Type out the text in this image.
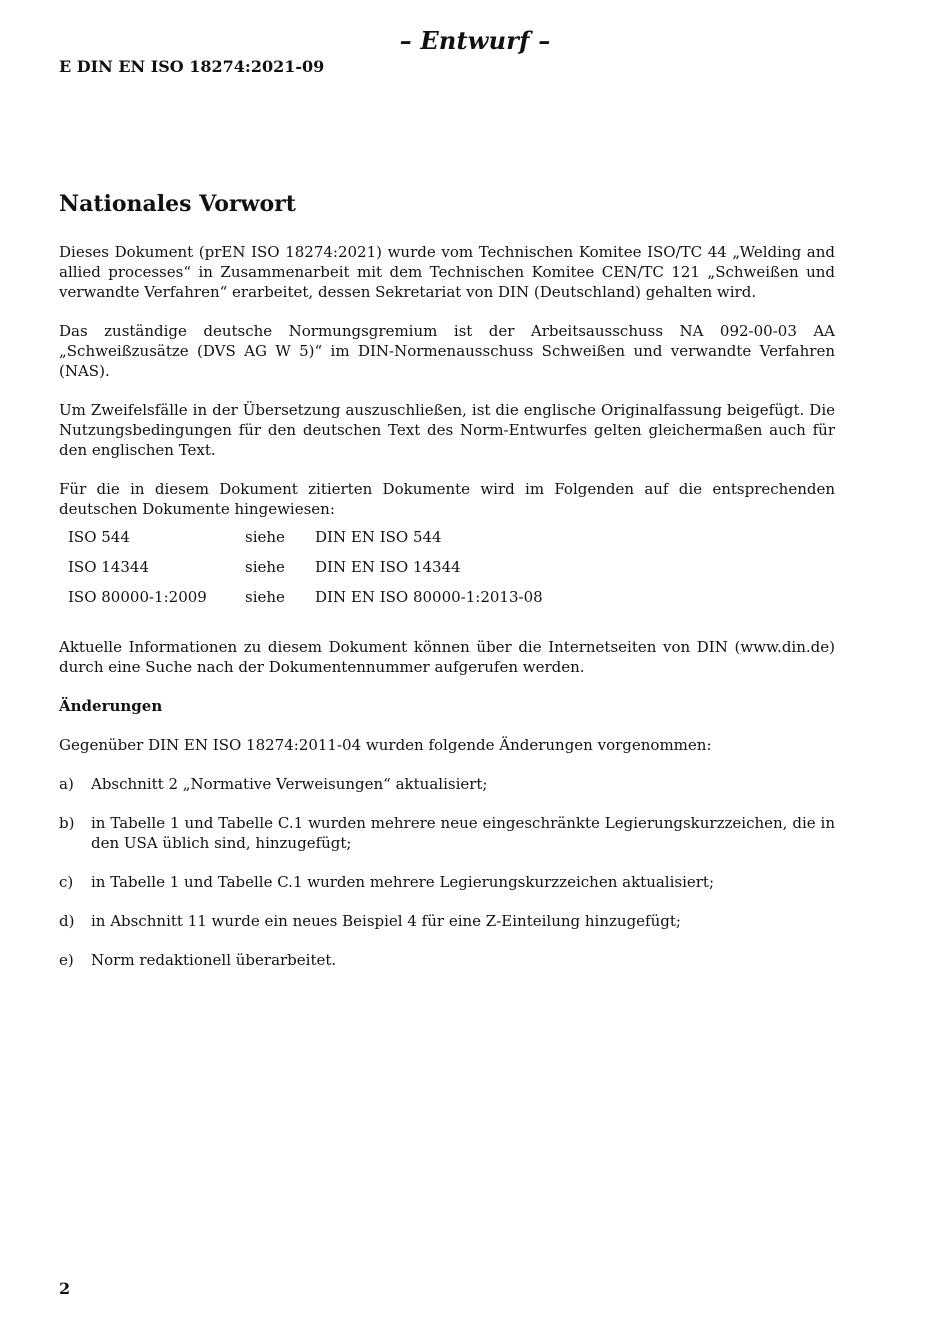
– Entwurf –
E DIN EN ISO 18274:2021-09
Nationales Vorwort

Dieses Dokument (prEN ISO 18274:2021) wurde vom Technischen Komitee ISO/TC 44 „Welding and allied processes“ in Zusammenarbeit mit dem Technischen Komitee CEN/TC 121 „Schweißen und verwandte Verfahren“ erarbeitet, dessen Sekretariat von DIN (Deutschland) gehalten wird.

Das zuständige deutsche Normungsgremium ist der Arbeitsausschuss NA 092-00-03 AA „Schweißzusätze (DVS AG W 5)“ im DIN-Normenausschuss Schweißen und verwandte Verfahren (NAS).

Um Zweifelsfälle in der Übersetzung auszuschließen, ist die englische Originalfassung beigefügt. Die Nutzungsbedingungen für den deutschen Text des Norm-Entwurfes gelten gleichermaßen auch für den englischen Text.

Für die in diesem Dokument zitierten Dokumente wird im Folgenden auf die entsprechenden deutschen Dokumente hingewiesen:

ISO 544	siehe	DIN EN ISO 544
ISO 14344	siehe	DIN EN ISO 14344
ISO 80000-1:2009	siehe	DIN EN ISO 80000-1:2013-08

Aktuelle Informationen zu diesem Dokument können über die Internetseiten von DIN (www.din.de) durch eine Suche nach der Dokumentennummer aufgerufen werden.

Änderungen

Gegenüber DIN EN ISO 18274:2011-04 wurden folgende Änderungen vorgenommen:

a)	Abschnitt 2 „Normative Verweisungen“ aktualisiert;
b)	in Tabelle 1 und Tabelle C.1 wurden mehrere neue eingeschränkte Legierungskurzzeichen, die in den USA üblich sind, hinzugefügt;
c)	in Tabelle 1 und Tabelle C.1 wurden mehrere Legierungskurzzeichen aktualisiert;
d)	in Abschnitt 11 wurde ein neues Beispiel 4 für eine Z-Einteilung hinzugefügt;
e)	Norm redaktionell überarbeitet.
2
